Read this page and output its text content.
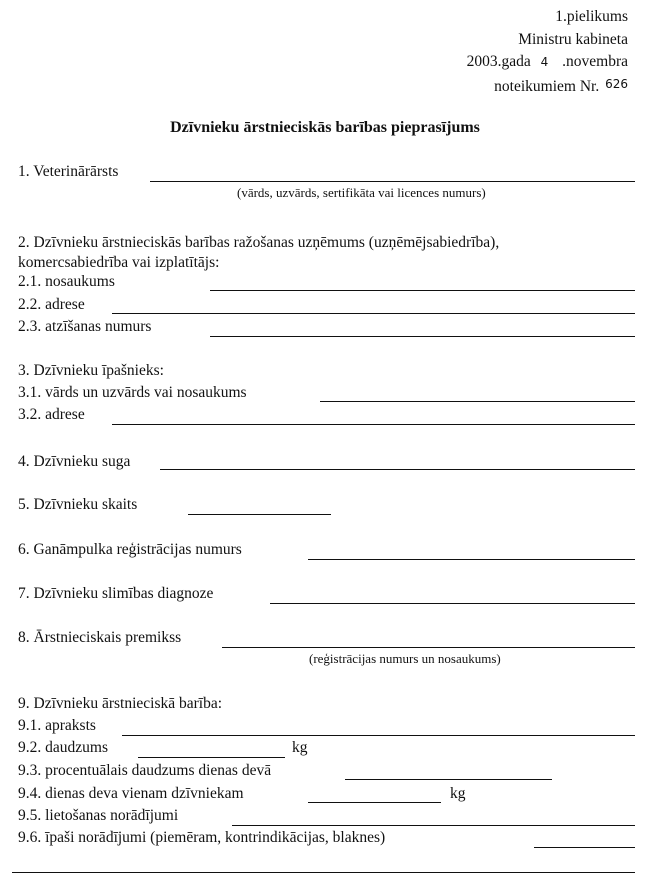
1.pielikums
Ministru kabineta
2003.gada 4 .novembra
noteikumiem Nr. 626
Dzīvnieku ārstnieciskās barības pieprasījums
1. Veterinārārsts
(vārds, uzvārds, sertifikāta vai licences numurs)
2. Dzīvnieku ārstnieciskās barības ražošanas uzņēmums (uzņēmējsabiedrība),
komercsabiedrība vai izplatītājs:
2.1. nosaukums
2.2. adrese
2.3. atzīšanas numurs
3. Dzīvnieku īpašnieks:
3.1. vārds un uzvārds vai nosaukums
3.2. adrese
4. Dzīvnieku suga
5. Dzīvnieku skaits
6. Ganāmpulka reģistrācijas numurs
7. Dzīvnieku slimības diagnoze
8. Ārstnieciskais premikss
(reģistrācijas numurs un nosaukums)
9. Dzīvnieku ārstnieciskā barība:
9.1. apraksts
9.2. daudzums	kg
9.3. procentuālais daudzums dienas devā
9.4. dienas deva vienam dzīvniekam	kg
9.5. lietošanas norādījumi
9.6. īpaši norādījumi (piemēram, kontrindikācijas, blaknes)
